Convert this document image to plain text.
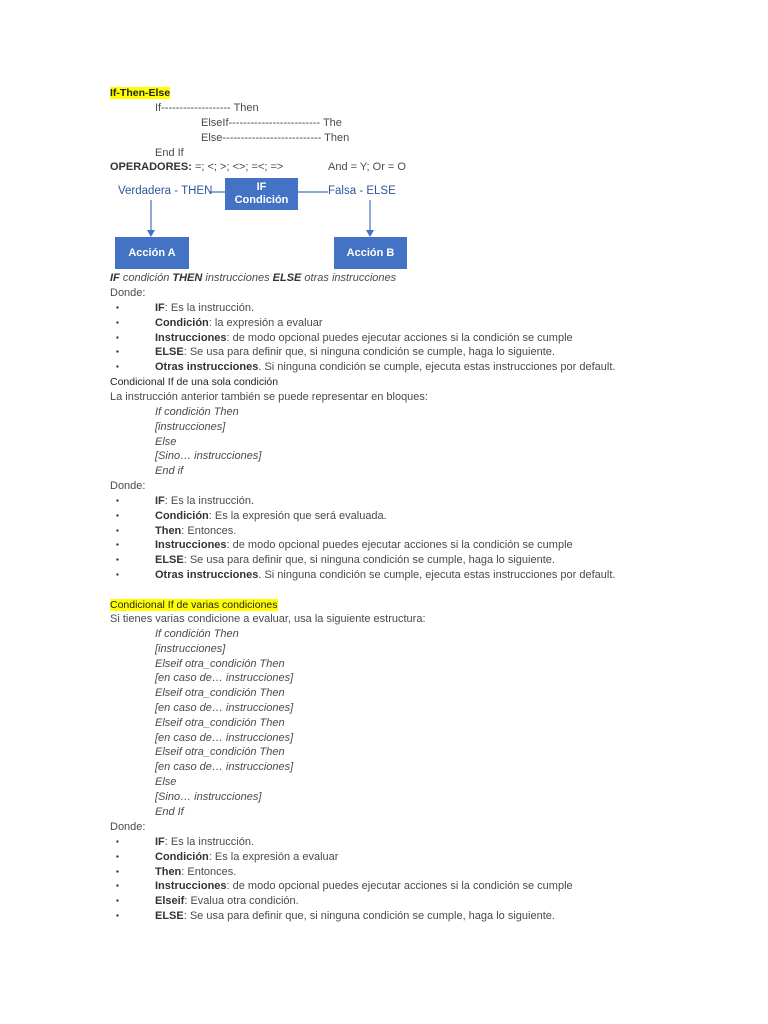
If-Then-Else
If------------------- Then
ElseIf------------------------- The
Else--------------------------- Then
End If
OPERADORES: =; <; >; <>; =<; =>	And = Y; Or = O
Verdadera - THEN	IF
Condición
Falsa - ELSE
Acción A	Acción B
IF condición THEN instrucciones ELSE otras instrucciones
Donde:
▪	IF: Es la instrucción.
▪	Condición: la expresión a evaluar
▪	Instrucciones: de modo opcional puedes ejecutar acciones si la condición se cumple
▪	ELSE: Se usa para definir que, si ninguna condición se cumple, haga lo siguiente.
▪	Otras instrucciones. Si ninguna condición se cumple, ejecuta estas instrucciones por default.
Condicional If de una sola condición
La instrucción anterior también se puede representar en bloques:
If condición Then
[instrucciones]
Else
[Sino… instrucciones]
End if
Donde:
▪	IF: Es la instrucción.
▪	Condición: Es la expresión que será evaluada.
▪	Then: Entonces.
▪	Instrucciones: de modo opcional puedes ejecutar acciones si la condición se cumple
▪	ELSE: Se usa para definir que, si ninguna condición se cumple, haga lo siguiente.
▪	Otras instrucciones. Si ninguna condición se cumple, ejecuta estas instrucciones por default.
Condicional If de varias condiciones
Si tienes varias condicione a evaluar, usa la siguiente estructura:
If condición Then
[instrucciones]
Elseif otra_condición Then
[en caso de… instrucciones]
Elseif otra_condición Then
[en caso de… instrucciones]
Elseif otra_condición Then
[en caso de… instrucciones]
Elseif otra_condición Then
[en caso de… instrucciones]
Else
[Sino… instrucciones]
End If
Donde:
▪	IF: Es la instrucción.
▪	Condición: Es la expresión a evaluar
▪	Then: Entonces.
▪	Instrucciones: de modo opcional puedes ejecutar acciones si la condición se cumple
▪	Elseif: Evalua otra condición.
▪	ELSE: Se usa para definir que, si ninguna condición se cumple, haga lo siguiente.
